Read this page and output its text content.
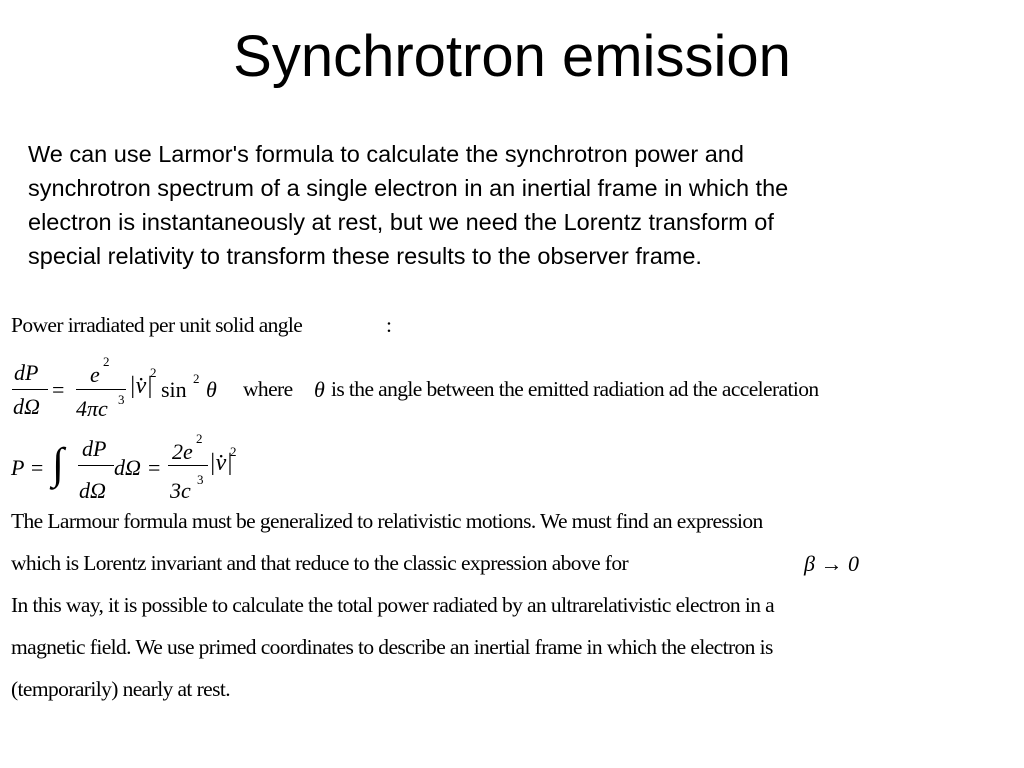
Synchrotron emission
We can use Larmor's formula to calculate the synchrotron power and
synchrotron spectrum of a single electron in an inertial frame in which the
electron is instantaneously at rest, but we need the Lorentz transform of
special relativity to transform these results to the observer frame.
Power irradiated per unit solid angle	:
dP
dΩ
=
e
2
4πc 3
|v̇|
2
sin 2 θ where θ is the angle between the emitted radiation ad the acceleration
P = ∫ dP
dΩ
dΩ =
2e
2
3c 3
|v̇|
2
The Larmour formula must be generalized to relativistic motions. We must find an expression
which is Lorentz invariant and that reduce to the classic expression above for	β → 0
In this way, it is possible to calculate the total power radiated by an ultrarelativistic electron in a
magnetic field. We use primed coordinates to describe an inertial frame in which the electron is
(temporarily) nearly at rest.
